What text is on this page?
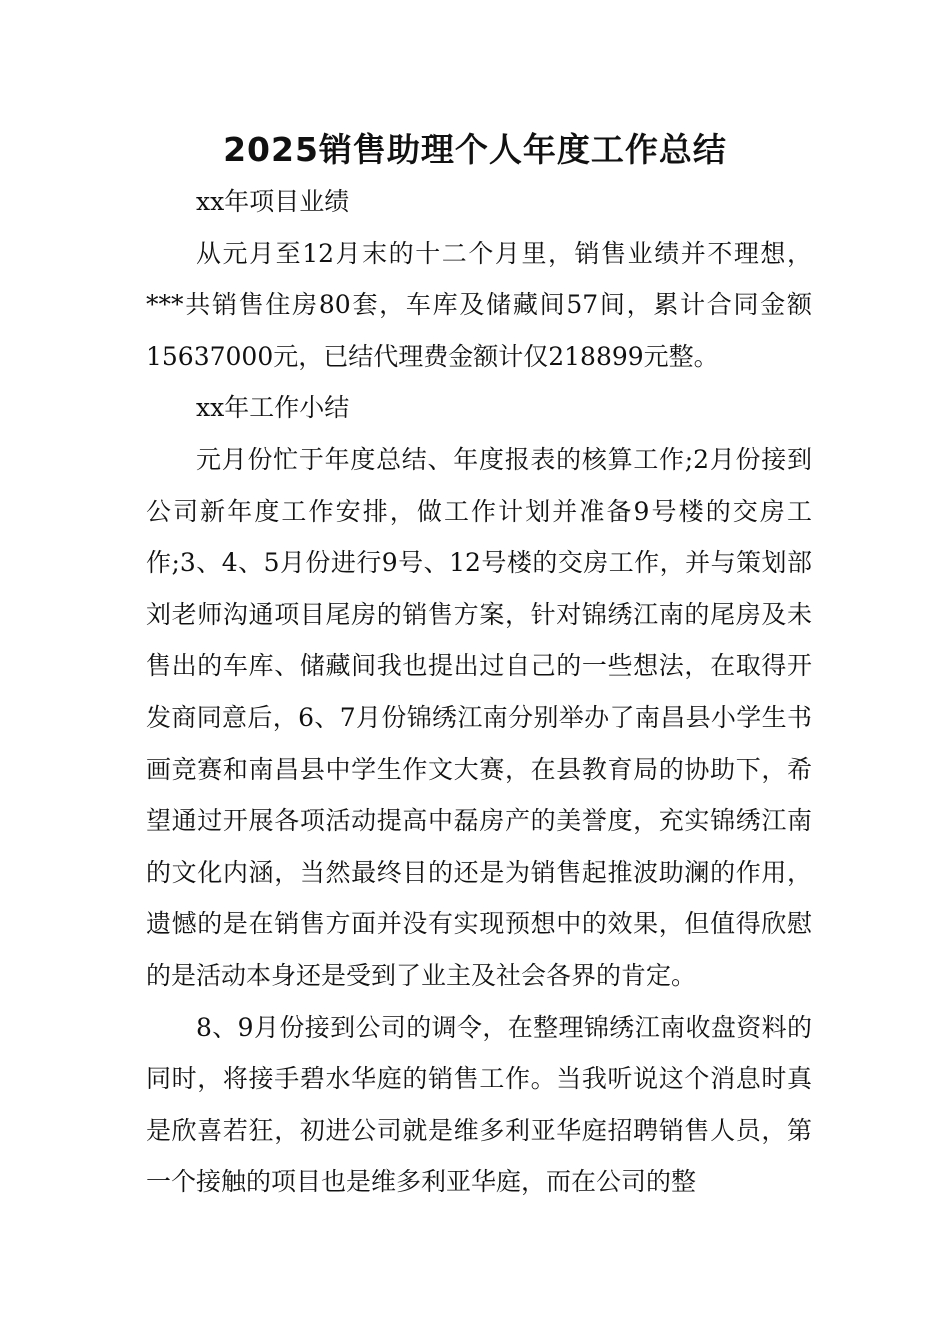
2025销售助理个人年度工作总结

xx年项目业绩

从元月至12月末的十二个月里，销售业绩并不理想，***共销售住房80套，车库及储藏间57间，累计合同金额15637000元，已结代理费金额计仅218899元整。

xx年工作小结

元月份忙于年度总结、年度报表的核算工作;2月份接到公司新年度工作安排，做工作计划并准备9号楼的交房工作;3、4、5月份进行9号、12号楼的交房工作，并与策划部刘老师沟通项目尾房的销售方案，针对锦绣江南的尾房及未售出的车库、储藏间我也提出过自己的一些想法，在取得开发商同意后，6、7月份锦绣江南分别举办了南昌县小学生书画竞赛和南昌县中学生作文大赛，在县教育局的协助下，希望通过开展各项活动提高中磊房产的美誉度，充实锦绣江南的文化内涵，当然最终目的还是为销售起推波助澜的作用，遗憾的是在销售方面并没有实现预想中的效果，但值得欣慰的是活动本身还是受到了业主及社会各界的肯定。

8、9月份接到公司的调令，在整理锦绣江南收盘资料的同时，将接手碧水华庭的销售工作。当我听说这个消息时真是欣喜若狂，初进公司就是维多利亚华庭招聘销售人员，第一个接触的项目也是维多利亚华庭，而在公司的整
